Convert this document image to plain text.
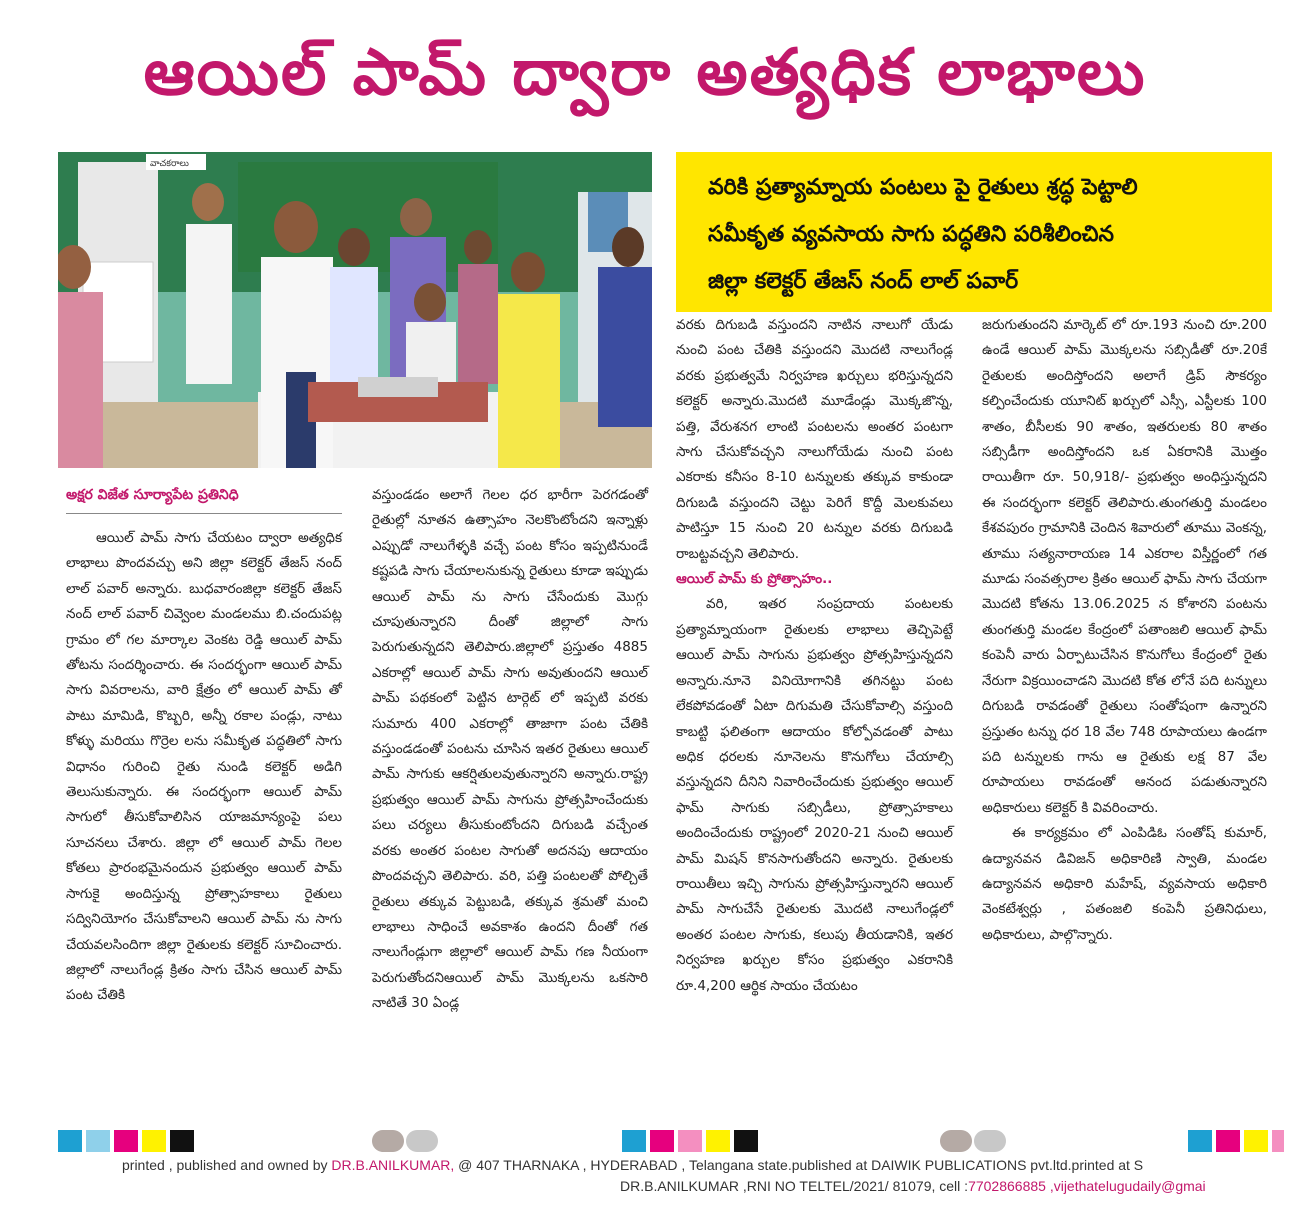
ఆయిల్ పామ్ ద్వారా అత్యధిక లాభాలు
వాచకరాలు
వరికి ప్రత్యామ్నాయ పంటలు పై రైతులు శ్రద్ధ పెట్టాలి
సమీకృత వ్యవసాయ సాగు పద్ధతిని పరిశీలించిన
జిల్లా కలెక్టర్ తేజస్ నంద్ లాల్ పవార్
అక్షర విజేత సూర్యాపేట ప్రతినిధి

ఆయిల్ పామ్ సాగు చేయటం ద్వారా అత్యధిక లాభాలు పొందవచ్చు అని జిల్లా కలెక్టర్ తేజస్ నంద్ లాల్ పవార్ అన్నారు. బుధవారంజిల్లా కలెక్టర్ తేజస్ నంద్ లాల్ పవార్ చివ్వెంల మండలము బి.చందుపట్ల గ్రామం లో గల మార్కాల వెంకట రెడ్డి ఆయిల్ పామ్ తోటను సందర్శించారు. ఈ సందర్భంగా ఆయిల్ పామ్ సాగు వివరాలను, వారి క్షేత్రం లో ఆయిల్ పామ్ తో పాటు మామిడి, కొబ్బరి, అన్నీ రకాల పండ్లు, నాటు కోళ్ళు మరియు గొర్రెల లను సమీకృత పద్ధతిలో సాగు విధానం గురించి రైతు నుండి కలెక్టర్ అడిగి తెలుసుకున్నారు. ఈ సందర్భంగా ఆయిల్ పామ్ సాగులో తీసుకోవాలిసిన యాజమాన్యంపై పలు సూచనలు చేశారు. జిల్లా లో ఆయిల్ పామ్ గెలల కోతలు ప్రారంభమైనందున ప్రభుత్వం ఆయిల్ పామ్ సాగుకై అందిస్తున్న ప్రోత్సాహకాలు రైతులు సద్వినియోగం చేసుకోవాలని ఆయిల్ పామ్ ను సాగు చేయవలసిందిగా జిల్లా రైతులకు కలెక్టర్ సూచించారు. జిల్లాలో నాలుగేండ్ల క్రితం సాగు చేసిన ఆయిల్ పామ్ పంట చేతికి

వస్తుండడం అలాగే గెలల ధర భారీగా పెరగడంతో రైతుల్లో నూతన ఉత్సాహం నెలకొంటోందని ఇన్నాళ్లు ఎప్పుడో నాలుగేళ్ళకి వచ్చే పంట కోసం ఇప్పటినుండే కష్టపడి సాగు చేయాలనుకున్న రైతులు కూడా ఇప్పుడు ఆయిల్ పామ్ ను సాగు చేసేందుకు మొగ్గు చూపుతున్నారని దీంతో జిల్లాలో సాగు పెరుగుతున్నదని తెలిపారు.జిల్లాలో ప్రస్తుతం 4885 ఎకరాల్లో ఆయిల్ పామ్ సాగు అవుతుందని ఆయిల్ పామ్ పథకంలో పెట్టిన టార్గెట్ లో ఇప్పటి వరకు సుమారు 400 ఎకరాల్లో తాజాగా పంట చేతికి వస్తుండడంతో పంటను చూసిన ఇతర రైతులు ఆయిల్ పామ్ సాగుకు ఆకర్షితులవుతున్నారని అన్నారు.రాష్ట్ర ప్రభుత్వం ఆయిల్ పామ్ సాగును ప్రోత్సహించేందుకు పలు చర్యలు తీసుకుంటోందని దిగుబడి వచ్చేంత వరకు అంతర పంటల సాగుతో అదనపు ఆదాయం పొందవచ్చని తెలిపారు. వరి, పత్తి పంటలతో పోల్చితే రైతులు తక్కువ పెట్టుబడి, తక్కువ శ్రమతో మంచి లాభాలు సాధించే అవకాశం ఉందని దీంతో గత నాలుగేండ్లుగా జిల్లాలో ఆయిల్ పామ్ గణ నీయంగా పెరుగుతోందనిఆయిల్ పామ్ మొక్కలను ఒకసారి నాటితే 30 ఏండ్ల

వరకు దిగుబడి వస్తుందని నాటిన నాలుగో యేడు నుంచి పంట చేతికి వస్తుందని మొదటి నాలుగేండ్ల వరకు ప్రభుత్వమే నిర్వహణ ఖర్చులు భరిస్తున్నదని కలెక్టర్ అన్నారు.మొదటి మూడేండ్లు మొక్కజొన్న, పత్తి, వేరుశనగ లాంటి పంటలను అంతర పంటగా సాగు చేసుకోవచ్చని నాలుగోయేడు నుంచి పంట ఎకరాకు కనీసం 8-10 టన్నులకు తక్కువ కాకుండా దిగుబడి వస్తుందని చెట్టు పెరిగే కొద్దీ మెలకువలు పాటిస్తూ 15 నుంచి 20 టన్నుల వరకు దిగుబడి రాబట్టవచ్చని తెలిపారు.

ఆయిల్ పామ్ కు ప్రోత్సాహం..

వరి, ఇతర సంప్రదాయ పంటలకు ప్రత్యామ్నాయంగా రైతులకు లాభాలు తెచ్చిపెట్టే ఆయిల్ పామ్ సాగును ప్రభుత్వం ప్రోత్సహిస్తున్నదని అన్నారు.నూనె వినియోగానికి తగినట్టు పంట లేకపోవడంతో ఏటా దిగుమతి చేసుకోవాల్సి వస్తుంది కాబట్టి ఫలితంగా ఆదాయం కోల్పోవడంతో పాటు అధిక ధరలకు నూనెలను కొనుగోలు చేయాల్సి వస్తున్నదని దీనిని నివారించేందుకు ప్రభుత్వం ఆయిల్ ఫామ్ సాగుకు సబ్సిడీలు, ప్రోత్సాహకాలు అందించేందుకు రాష్ట్రంలో 2020-21 నుంచి ఆయిల్ పామ్ మిషన్ కొనసాగుతోందని అన్నారు. రైతులకు రాయితీలు ఇచ్చి సాగును ప్రోత్సహిస్తున్నారని ఆయిల్ పామ్ సాగుచేసే రైతులకు మొదటి నాలుగేండ్లలో అంతర పంటల సాగుకు, కలుపు తీయడానికి, ఇతర నిర్వహణ ఖర్చుల కోసం ప్రభుత్వం ఎకరానికి రూ.4,200 ఆర్థిక సాయం చేయటం

జరుగుతుందని మార్కెట్ లో రూ.193 నుంచి రూ.200 ఉండే ఆయిల్ పామ్ మొక్కలను సబ్సిడీతో రూ.20కే రైతులకు అందిస్తోందని అలాగే డ్రిప్ సౌకర్యం కల్పించేందుకు యూనిట్ ఖర్చులో ఎస్సీ, ఎస్టీలకు 100 శాతం, బీసీలకు 90 శాతం, ఇతరులకు 80 శాతం సబ్సిడీగా అందిస్తోందని ఒక ఏకరానికి మొత్తం రాయితీగా రూ. 50,918/- ప్రభుత్వం అంధిస్తున్నదని ఈ సందర్భంగా కలెక్టర్ తెలిపారు.తుంగతుర్తి మండలం కేశవపురం గ్రామానికి చెందిన శివారులో తూము వెంకన్న, తూము సత్యనారాయణ 14 ఎకరాల విస్తీర్ణంలో గత మూడు సంవత్సరాల క్రితం ఆయిల్ ఫామ్ సాగు చేయగా మొదటి కోతను 13.06.2025 న కోశారని పంటను తుంగతుర్తి మండల కేంద్రంలో పతాంజలి ఆయిల్ ఫామ్ కంపెనీ వారు ఏర్పాటుచేసిన కొనుగోలు కేంద్రంలో రైతు నేరుగా విక్రయించాడని మొదటి కోత లోనే పది టన్నులు దిగుబడి రావడంతో రైతులు సంతోషంగా ఉన్నారని ప్రస్తుతం టన్ను ధర 18 వేల 748 రూపాయలు ఉండగా పది టన్నులకు గాను ఆ రైతుకు లక్ష 87 వేల రూపాయలు రావడంతో ఆనంద పడుతున్నారని అధికారులు కలెక్టర్ కి వివరించారు.

ఈ కార్యక్రమం లో ఎంపిడిఓ సంతోష్ కుమార్, ఉద్యానవన డివిజన్ అధికారిణి స్వాతి, మండల ఉద్యానవన అధికారి మహేష్, వ్యవసాయ అధికారి వెంకటేశ్వర్లు , పతంజలి కంపెనీ ప్రతినిధులు, అధికారులు, పాల్గొన్నారు.

printed , published and owned by DR.B.ANILKUMAR, @ 407 THARNAKA , HYDERABAD , Telangana state.published at DAIWIK PUBLICATIONS pvt.ltd.printed at S
DR.B.ANILKUMAR ,RNI NO TELTEL/2021/ 81079, cell :7702866885 ,vijethatelugudaily@gmai
